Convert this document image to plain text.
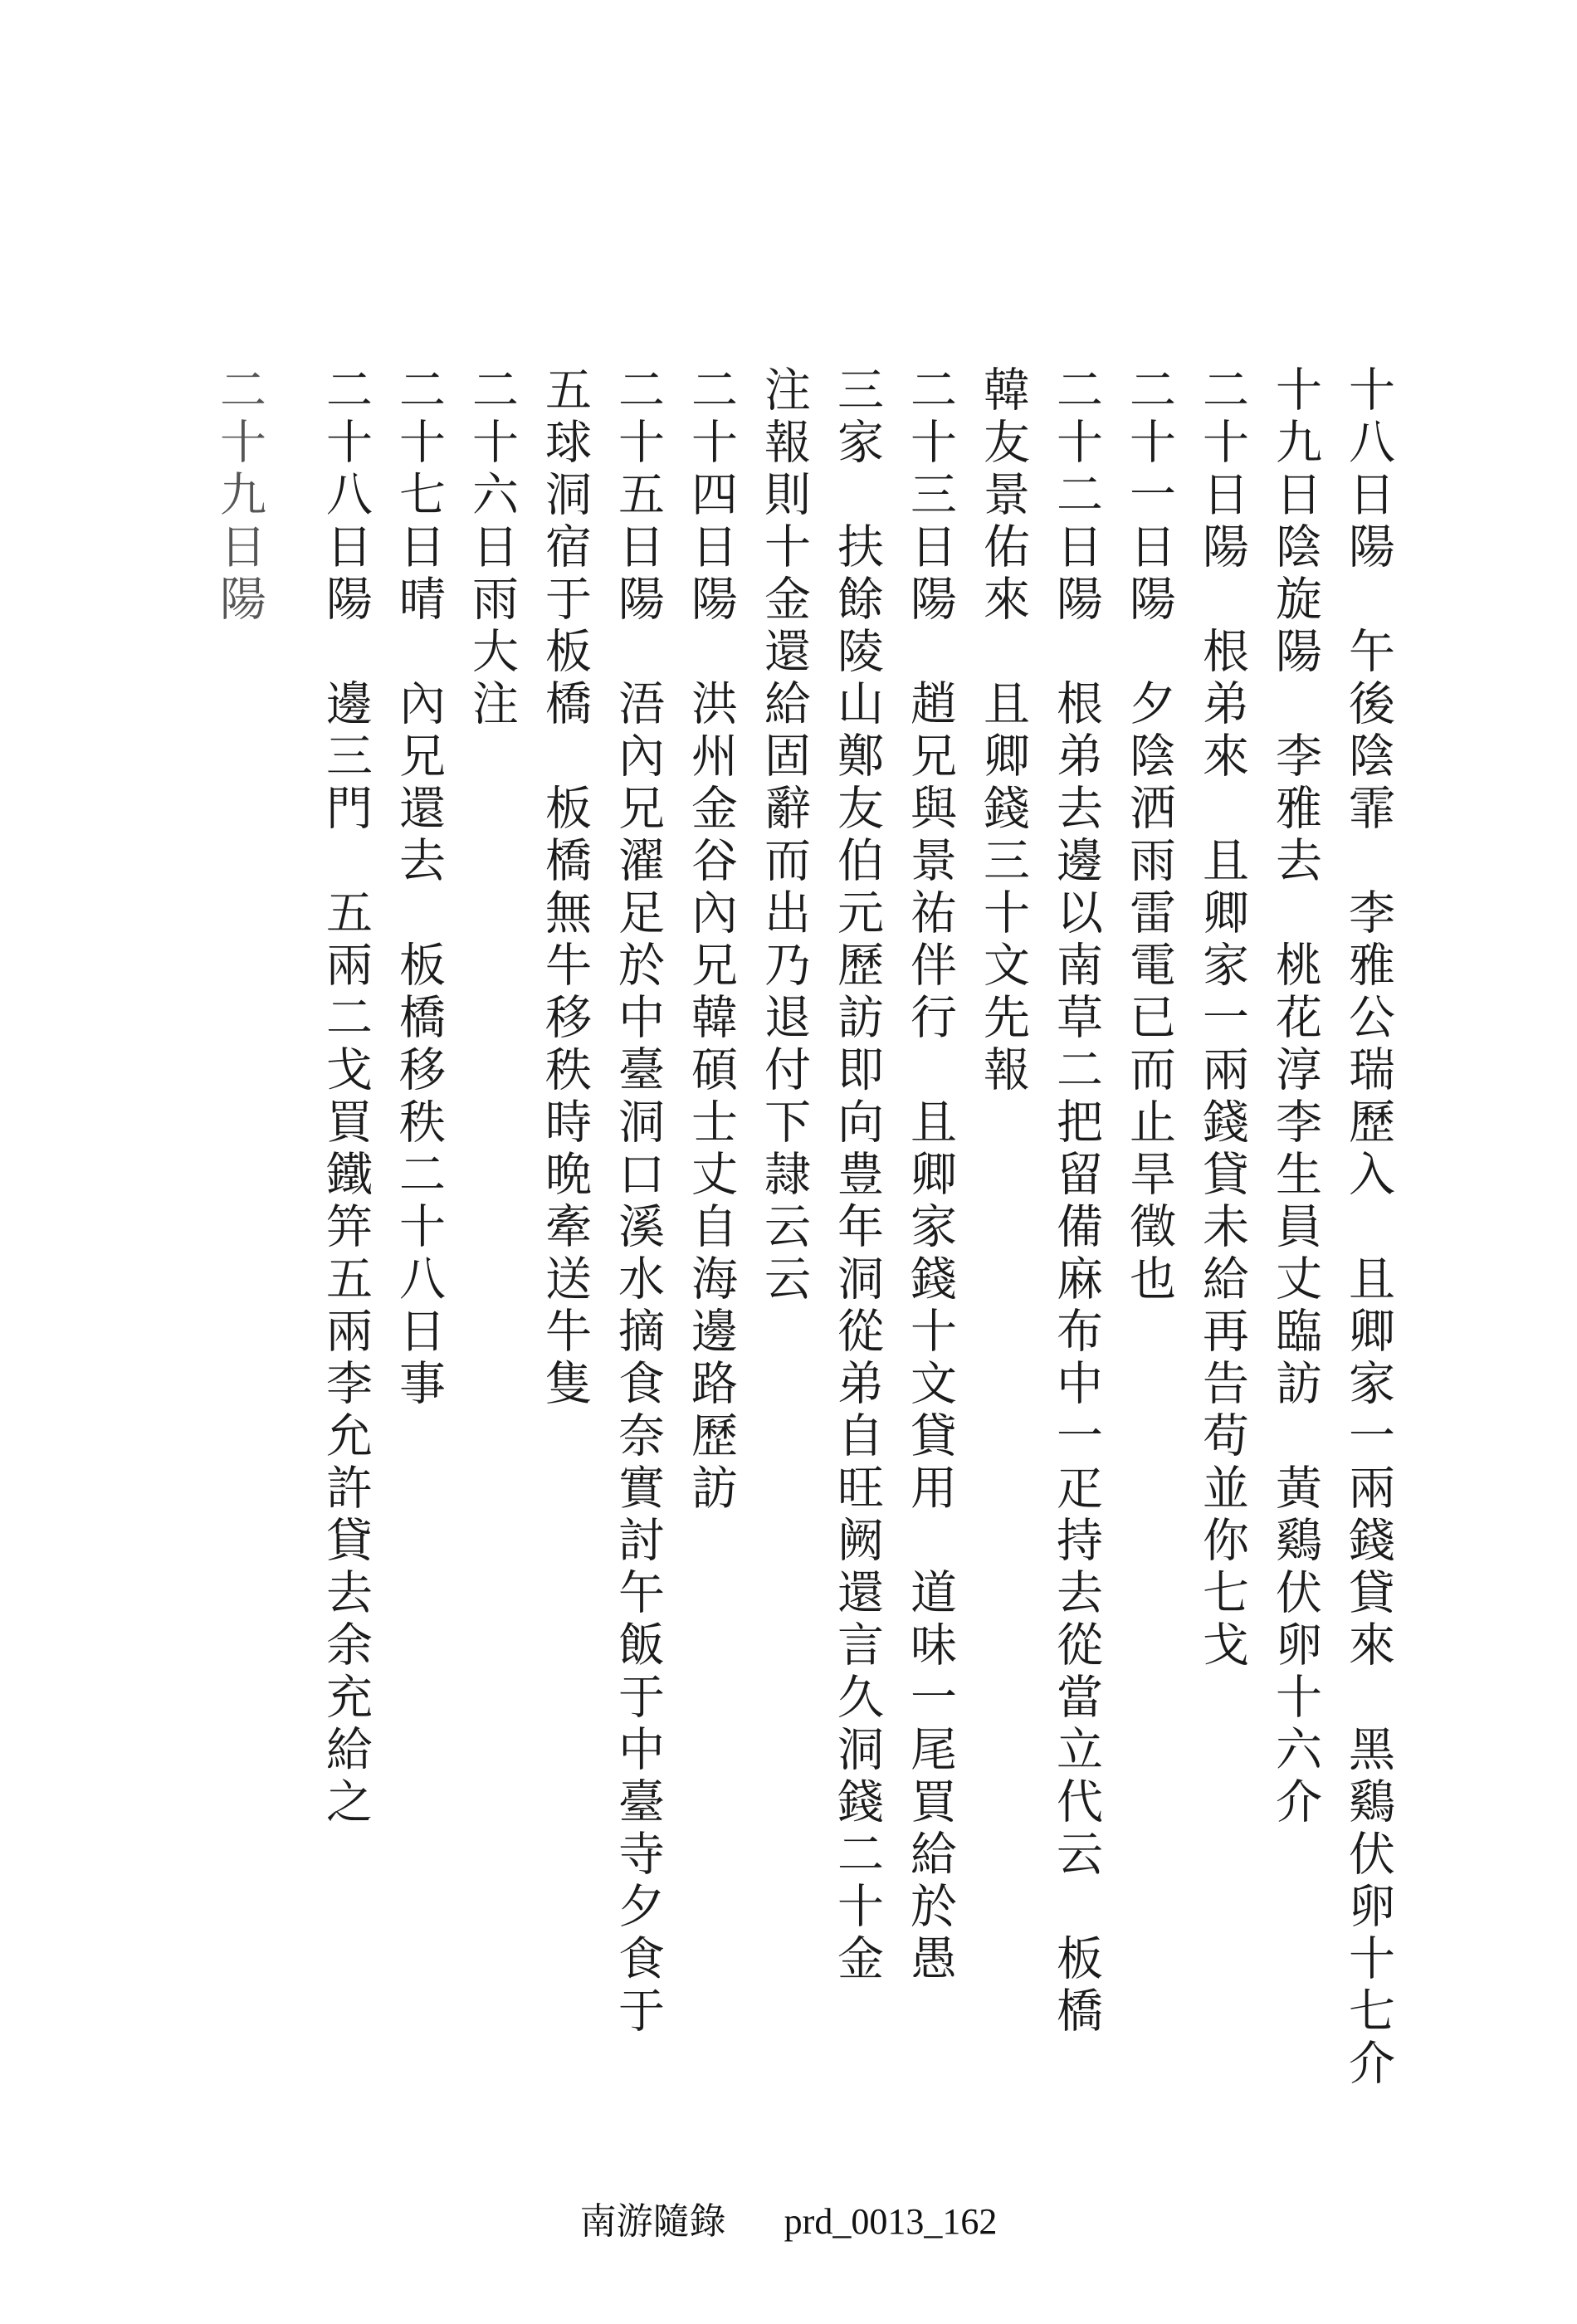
十八日陽　午後陰霏　李雅公瑞歷入　且卿家一兩錢貸來　黑鷄伏卵十七介
十九日陰旋陽　李雅去　桃花淳李生員丈臨訪　黃鷄伏卵十六介
二十日陽　根弟來　且卿家一兩錢貸未給再告苟並你七戈
二十一日陽　夕陰洒雨雷電已而止旱徵也
二十二日陽　根弟去邊以南草二把留備麻布中一疋持去從當立代云　板橋
韓友景佑來　且卿錢三十文先報
二十三日陽　趙兄與景祐伴行　且卿家錢十文貸用　道味一尾買給於愚
三家　扶餘陵山鄭友伯元歷訪即向豊年洞從弟自旺阙還言久洞錢二十金
注報則十金還給固辭而出乃退付下隷云云
二十四日陽　洪州金谷內兄韓碩士丈自海邊路歷訪
二十五日陽　浯內兄濯足於中臺洞口溪水摘食奈實討午飯于中臺寺夕食于
五球洞宿于板橋　板橋無牛移秩時晩牽送牛隻
二十六日雨大注
二十七日晴　內兄還去　板橋移秩二十八日事
二十八日陽　邊三門　五兩二戈買鐵笄五兩李允許貸去余充給之
二十九日陽
南游隨錄 prd_0013_162
